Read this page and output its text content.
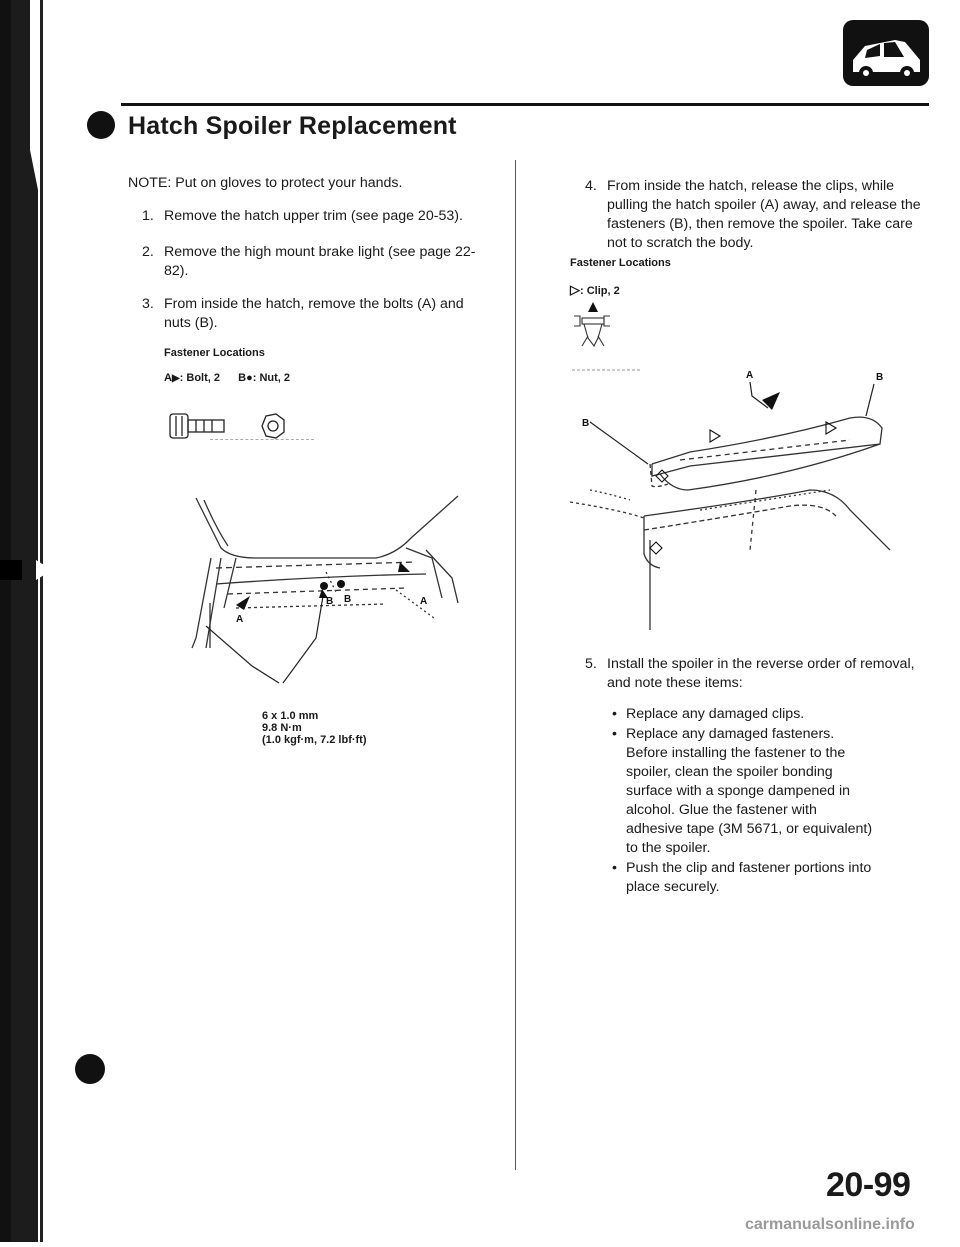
Hatch Spoiler Replacement
NOTE: Put on gloves to protect your hands.
1. Remove the hatch upper trim (see page 20-53).
2. Remove the high mount brake light (see page 22-
82).
3. From inside the hatch, remove the bolts (A) and
nuts (B).
Fastener Locations
A▶: Bolt, 2 B●: Nut, 2
A
B B	A
6 x 1.0 mm
9.8 N·m
(1.0 kgf·m, 7.2 lbf·ft)
4. From inside the hatch, release the clips, while
pulling the hatch spoiler (A) away, and release the
fasteners (B), then remove the spoiler. Take care
not to scratch the body.
Fastener Locations
▷: Clip, 2
A	B
B
5. Install the spoiler in the reverse order of removal,
and note these items:
• Replace any damaged clips.
• Replace any damaged fasteners. Before installing the fastener to the spoiler, clean the spoiler bonding surface with a sponge dampened in alcohol. Glue the fastener with adhesive tape (3M 5671, or equivalent) to the spoiler.
• Push the clip and fastener portions into place securely.
20-99
carmanualsonline.info
